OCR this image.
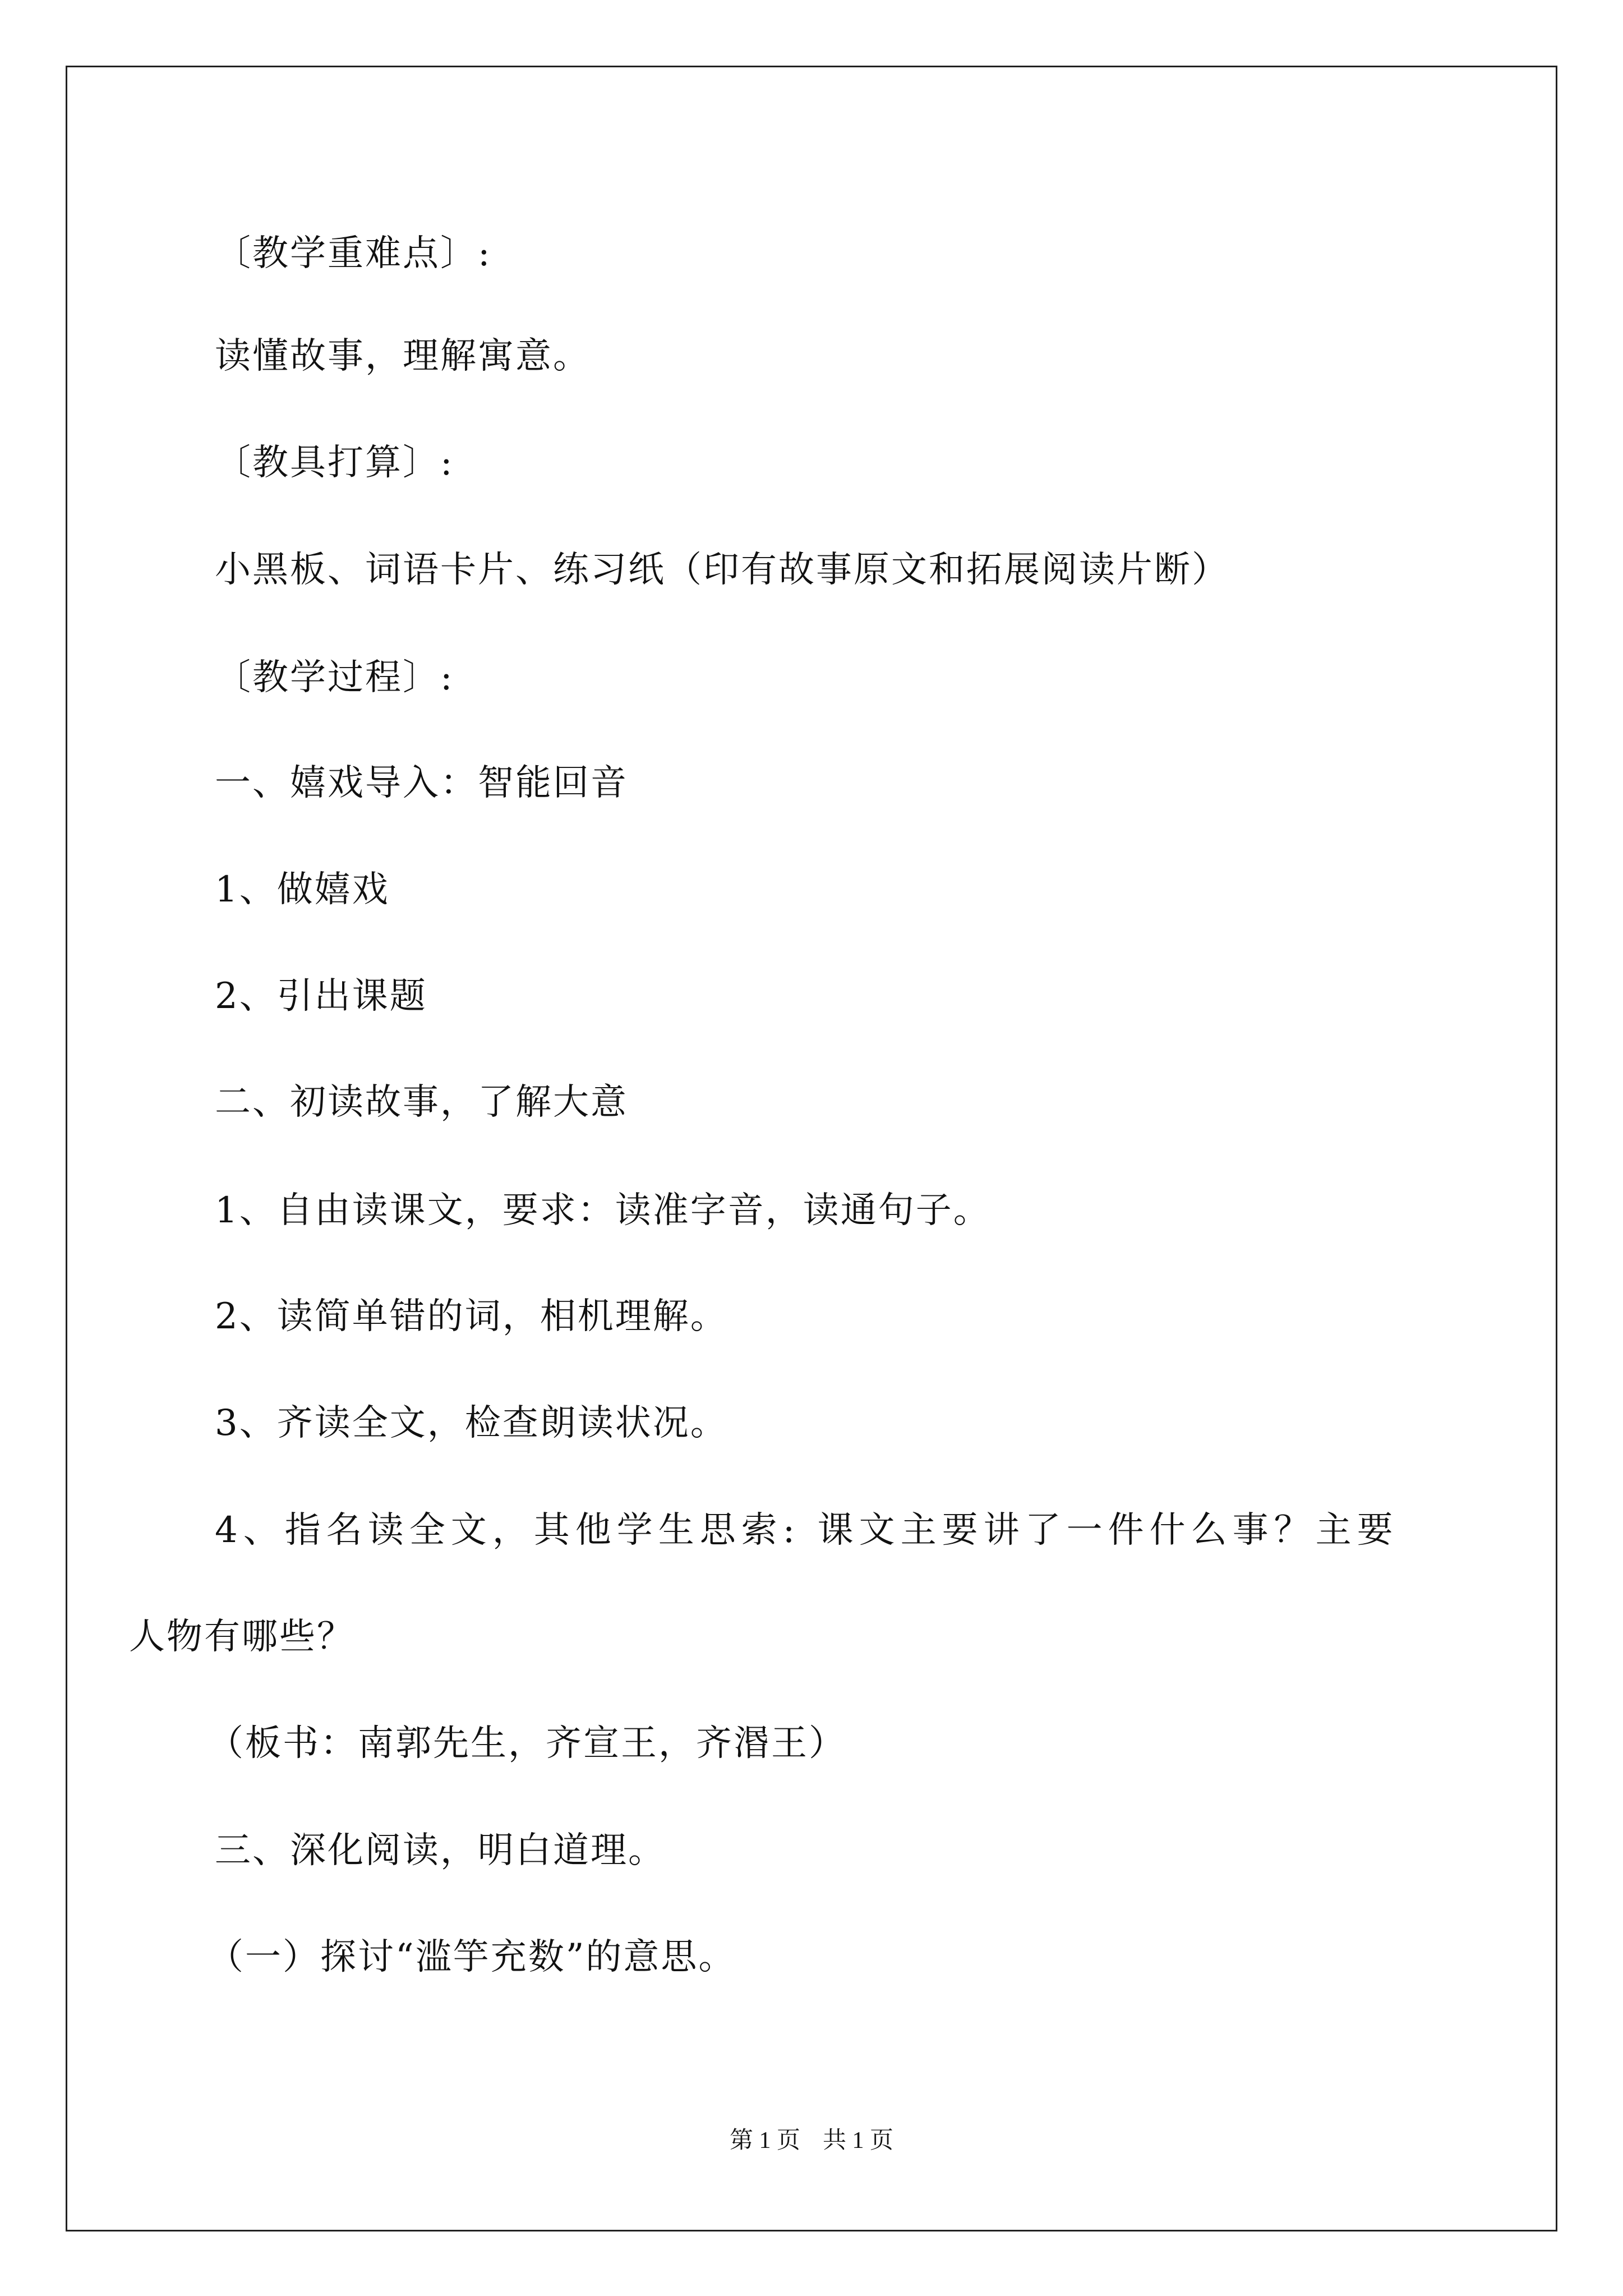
〔教学重难点〕:
读懂故事，理解寓意。
〔教具打算〕:
小黑板、词语卡片、练习纸（印有故事原文和拓展阅读片断）
〔教学过程〕:
一、嬉戏导入：智能回音
1、做嬉戏
2、引出课题
二、初读故事，了解大意
1、自由读课文，要求：读准字音，读通句子。
2、读简单错的词，相机理解。
3、齐读全文，检查朗读状况。
4、指名读全文，其他学生思索: 课文主要讲了一件什么事？主要
人物有哪些？
（板书：南郭先生，齐宣王，齐湣王）
三、深化阅读，明白道理。
（一）探讨“滥竽充数”的意思。
第 1 页 共 1 页
